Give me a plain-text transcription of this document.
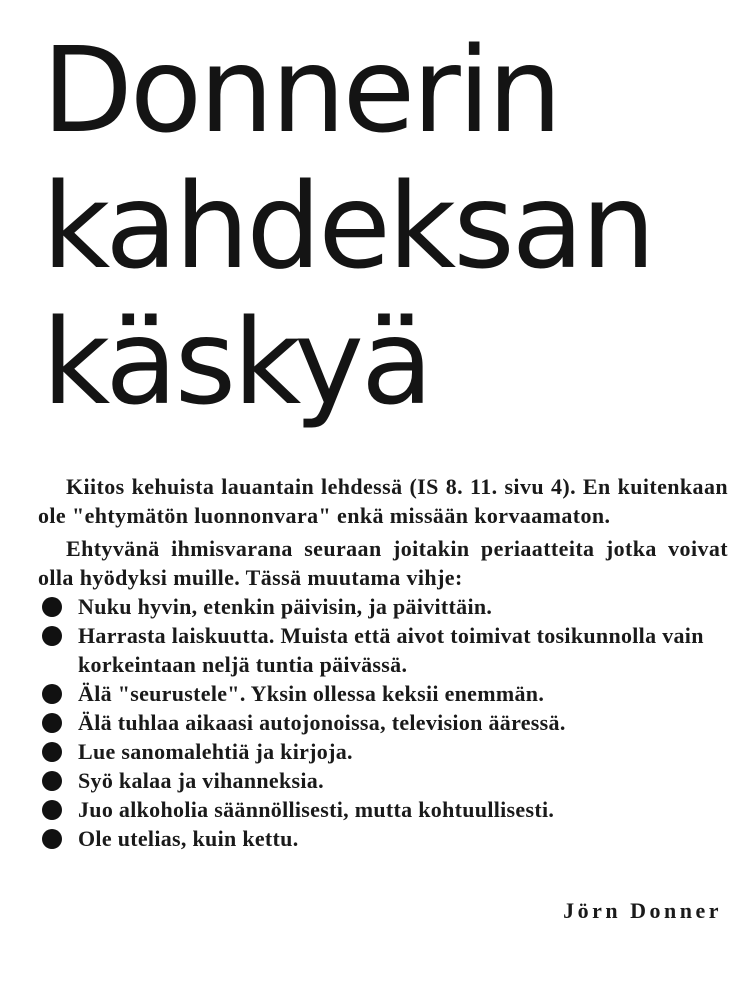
Donnerin
kahdeksan
käskyä

Kiitos kehuista lauantain lehdessä (IS 8. 11. sivu 4). En kuitenkaan ole "ehtymätön luonnonvara" enkä missään korvaamaton.

Ehtyvänä ihmisvarana seuraan joitakin periaatteita jotka voivat olla hyödyksi muille. Tässä muutama vihje:

Nuku hyvin, etenkin päivisin, ja päivittäin.
Harrasta laiskuutta. Muista että aivot toimivat tosikunnolla vain korkeintaan neljä tuntia päivässä.
Älä "seurustele". Yksin ollessa keksii enemmän.
Älä tuhlaa aikaasi autojonoissa, television ääressä.
Lue sanomalehtiä ja kirjoja.
Syö kalaa ja vihanneksia.
Juo alkoholia säännöllisesti, mutta kohtuullisesti.
Ole utelias, kuin kettu.
Jörn Donner
